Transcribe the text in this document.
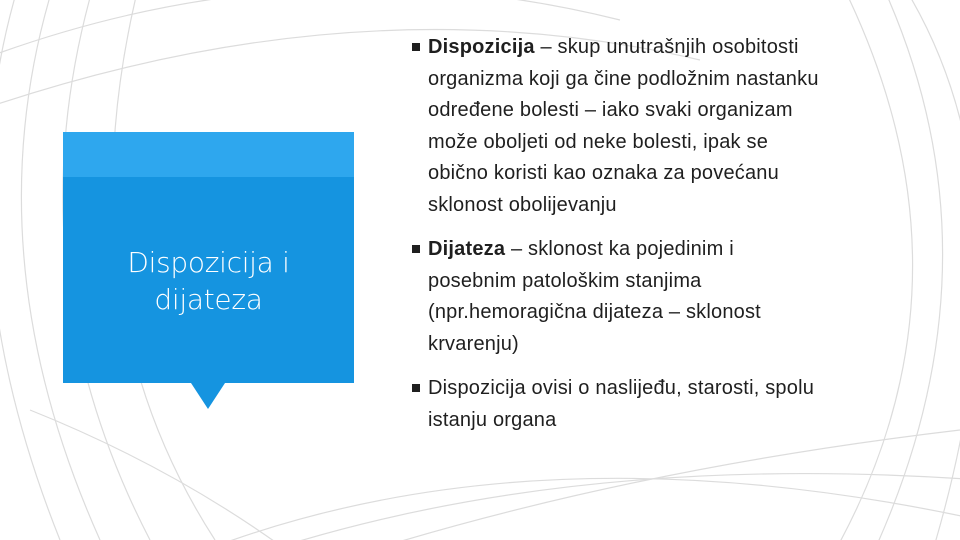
Dispozicija i
dijateza
Dispozicija – skup unutrašnjih osobitosti
organizma koji ga čine podložnim nastanku
određene bolesti – iako svaki organizam
može oboljeti od neke bolesti, ipak se
obično koristi kao oznaka za povećanu
sklonost obolijevanju
Dijateza – sklonost ka pojedinim i
posebnim patološkim stanjima
(npr.hemoragična dijateza – sklonost
krvarenju)
Dispozicija ovisi o naslijeđu, starosti, spolu
istanju organa
